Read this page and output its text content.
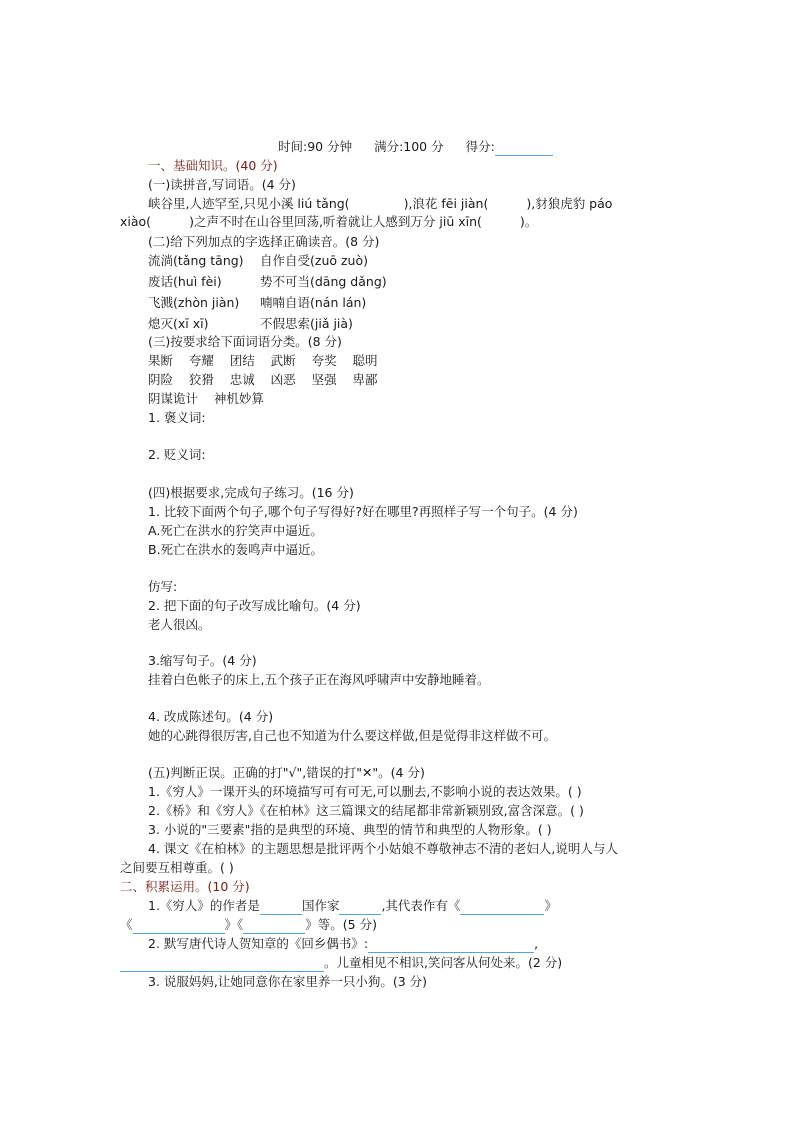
时间:90 分钟 满分:100 分 得分:
一、基础知识。(40 分)
(一)读拼音,写词语。(4 分)
峡谷里,人迹罕至,只见小溪 liú tǎng(	),浪花 fēi jiàn(	),豺狼虎豹 páo
xiào(	)之声不时在山谷里回荡,听着就让人感到万分 jiū xīn(	)。
(二)给下列加点的字选择正确读音。(8 分)
流淌(tǎng tāng) 自作自受(zuō zuò)
废话(huì fèi)	势不可当(dāng dǎng)
飞溅(zhòn jiàn) 喃喃自语(nán lán)
熄灭(xī xī)	不假思索(jiǎ jià)
(三)按要求给下面词语分类。(8 分)
果断    夸耀    团结    武断    夸奖    聪明
阴险    狡猾    忠诚    凶恶    坚强    卑鄙
阴谋诡计    神机妙算
1. 褒义词:
2. 贬义词:
(四)根据要求,完成句子练习。(16 分)
1. 比较下面两个句子,哪个句子写得好?好在哪里?再照样子写一个句子。(4 分)
A.死亡在洪水的狞笑声中逼近。
B.死亡在洪水的轰鸣声中逼近。
仿写:
2. 把下面的句子改写成比喻句。(4 分)
老人很凶。
3.缩写句子。(4 分)
挂着白色帐子的床上,五个孩子正在海风呼啸声中安静地睡着。
4. 改成陈述句。(4 分)
她的心跳得很厉害,自己也不知道为什么要这样做,但是觉得非这样做不可。
(五)判断正误。正确的打"√",错误的打"✕"。(4 分)
1.《穷人》一课开头的环境描写可有可无,可以删去,不影响小说的表达效果。( )
2.《桥》和《穷人》《在柏林》这三篇课文的结尾都非常新颖别致,富含深意。( )
3. 小说的"三要素"指的是典型的环境、典型的情节和典型的人物形象。( )
4. 课文《在柏林》的主题思想是批评两个小姑娘不尊敬神志不清的老妇人,说明人与人
之间要互相尊重。( )
二、积累运用。(10 分)
1.《穷人》的作者是	国作家	,其代表作有《	》
《	》《	》等。(5 分)
2. 默写唐代诗人贺知章的《回乡偶书》:	,
。儿童相见不相识,笑问客从何处来。(2 分)
3. 说服妈妈,让她同意你在家里养一只小狗。(3 分)
